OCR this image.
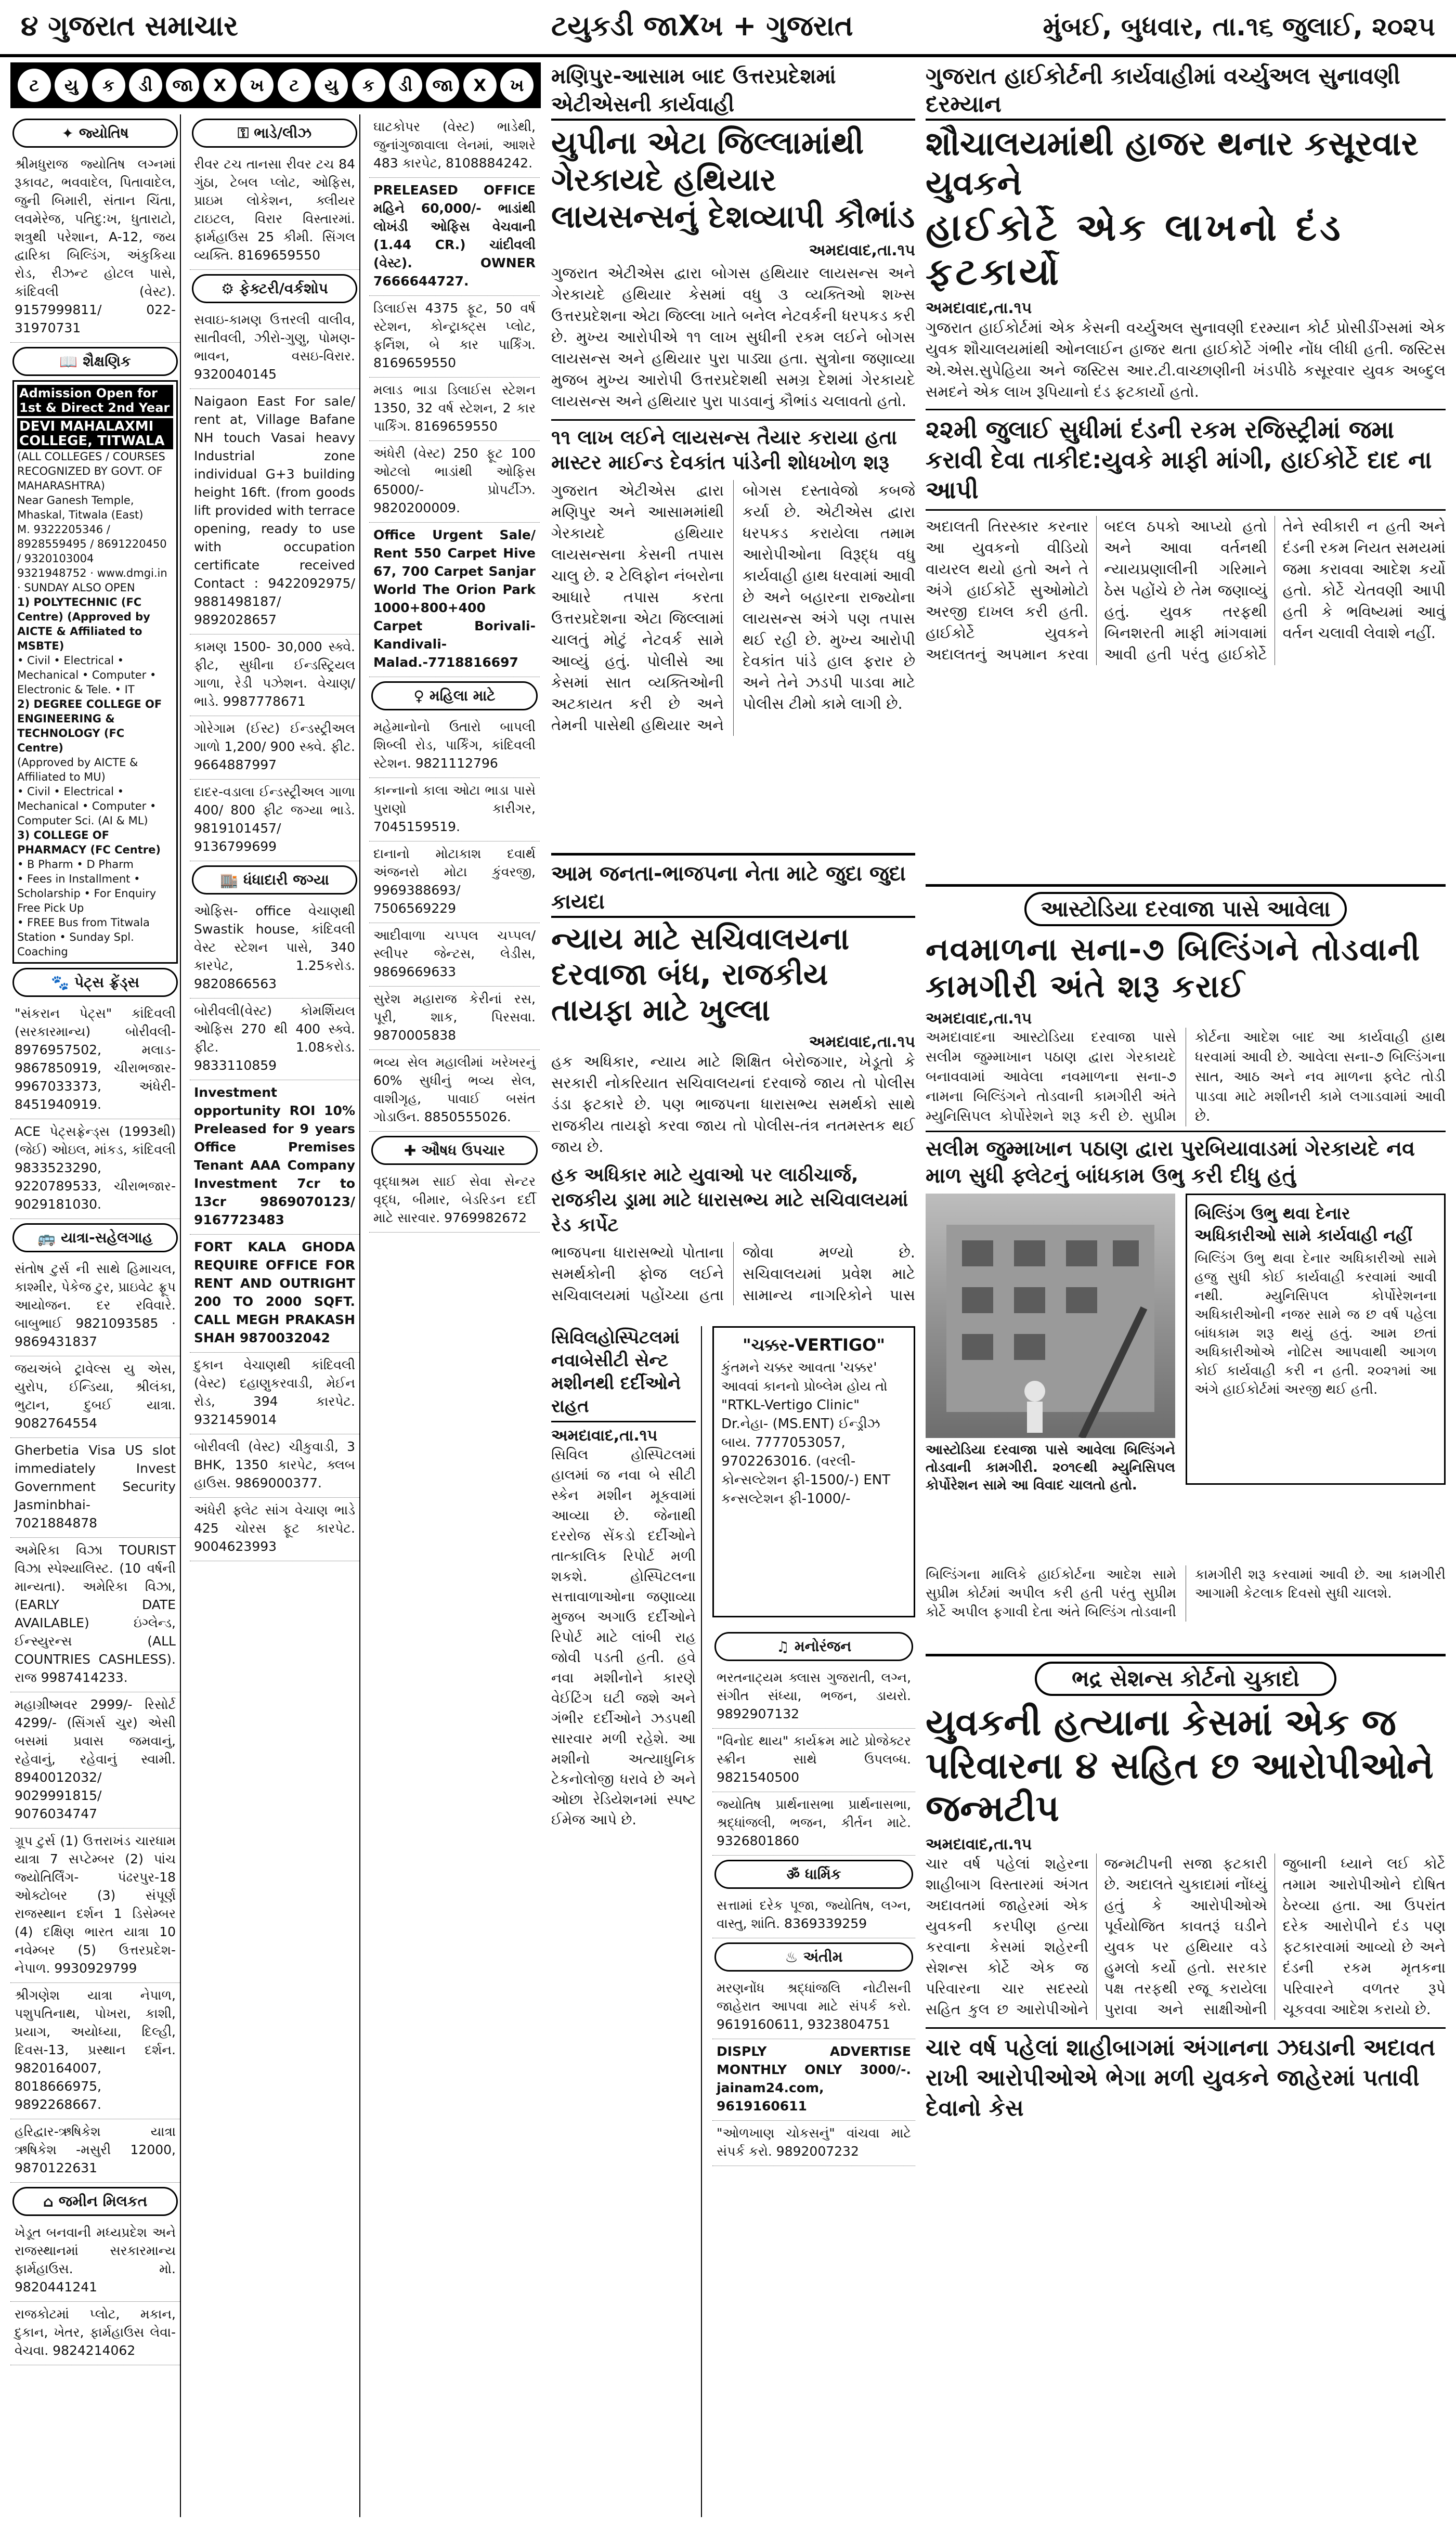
૪ ગુજરાત સમાચાર	ટયુકડી જાXખ + ગુજરાત	મુંબઈ, બુધવાર, તા.૧૬ જુલાઈ, ૨૦૨૫
ટ	યુ	ક	ડી	જા	X	ખ	ટ	યુ	ક	ડી	જા	X	ખ
✦ જ્યોતિષ
શ્રીમધુરાજ જ્યોતિષ લગ્નમાં રૂકાવટ, ભવવાદેલ, પિતાવાદેલ, જુની બિમારી, સંતાન ચિંતા, લવમેરેજ, પતિદુ:ખ, ધુતારાટો, શત્રુથી પરેશાન, A-12, જય દ્વારિકા બિલ્ડિંગ, અંકુકિયા રોડ, રીઝન્ટ હોટલ પાસે, કાંદિવલી (વેસ્ટ). 9157999811/ 022-31970731
📖 શૈક્ષણિક
Admission Open for 1st & Direct 2nd Year
DEVI MAHALAXMI COLLEGE, TITWALA
(ALL COLLEGES / COURSES RECOGNIZED BY GOVT. OF MAHARASHTRA)
Near Ganesh Temple, Mhaskal, Titwala (East)
M. 9322205346 / 8928559495 / 8691220450 / 9320103004
9321948752 · www.dmgi.in · SUNDAY ALSO OPEN
1) POLYTECHNIC (FC Centre) (Approved by AICTE & Affiliated to MSBTE)
• Civil • Electrical • Mechanical • Computer • Electronic & Tele. • IT
2) DEGREE COLLEGE OF ENGINEERING & TECHNOLOGY (FC Centre)
(Approved by AICTE & Affiliated to MU)
• Civil • Electrical • Mechanical • Computer • Computer Sci. (AI & ML)
3) COLLEGE OF PHARMACY (FC Centre)
• B Pharm • D Pharm
• Fees in Installment • Scholarship • For Enquiry Free Pick Up
• FREE Bus from Titwala Station • Sunday Spl. Coaching
🐾 પેટ્સ ફ્રેંડ્સ
"સંકરાન પેટ્સ" કાંદિવલી (સરકારમાન્ય) બોરીવલી- 8976957502, મલાડ- 9867850919, ચીરાભજાર- 9967033373, અંધેરી- 8451940919.
ACE પેટ્સફ્રેન્ડ્સ (1993થી) (જેઈ) ઓઇલ, માંકડ, કાંદિવલી 9833523290, 9220789533, ચીરાભજાર- 9029181030.
🚌 યાત્રા-સહેલગાહ
સંતોષ ટુર્સ ની સાથે હિમાચલ, કાશ્મીર, પેકેજ ટુર, પ્રાઇવેટ ફ્રૂપ આયોજન. દર રવિવારે. બાબુભાઈ 9821093585 · 9869431837
જયઅંબે ટ્રાવેલ્સ યુ એસ, યુરોપ, ઈન્ડિયા, શ્રીલંકા, ભુટાન, દુબઈ યાત્રા. 9082764554
Gherbetia Visa US slot immediately Invest Government Security Jasminbhai- 7021884878
અમેરિકા વિઝા TOURIST વિઝા સ્પેશ્યાલિસ્ટ. (10 વર્ષની માન્યતા). અમેરિકા વિઝા, (EARLY DATE AVAILABLE) ઇંગ્લેન્ડ, ઈન્સ્યુરન્સ (ALL COUNTRIES CASHLESS). રાજ 9987414233.
મહાગ્રીષ્મવર 2999/- રિસોર્ટ 4299/- (સિંગર્સ ચુર) એસી બસમાં પ્રવાસ જમવાનું, રહેવાનું, રહેવાનું સ્વામી. 8940012032/ 9029991815/ 9076034747
ગ્રૂપ ટુર્સ (1) ઉત્તરાખંડ ચારધામ યાત્રા 7 સપ્ટેમ્બર (2) પાંચ જ્યોતિર્લિંગ- પંઢરપુર-18 ઓક્ટોબર (3) સંપૂર્ણ રાજસ્થાન દર્શન 1 ડિસેમ્બર (4) દક્ષિણ ભારત યાત્રા 10 નવેમ્બર (5) ઉત્તરપ્રદેશ- નેપાળ. 9930929799
શ્રીગણેશ યાત્રા નેપાળ, પશુપતિનાથ, પોખરા, કાશી, પ્રયાગ, અયોધ્યા, દિલ્હી, દિવસ-13, પ્રસ્થાન દર્શન. 9820164007, 8018666975, 9892268667.
હરિદ્વાર-ઋષિકેશ યાત્રા ઋષિકેશ -મસુરી 12000, 9870122631
⌂ જમીન મિલકત
ખેડૂત બનવાની મધ્યપ્રદેશ અને રાજસ્થાનમાં સરકારમાન્ય ફાર્મહાઉસ. મો. 9820441241
રાજકોટમાં પ્લોટ, મકાન, દુકાન, ખેતર, ફાર્મહાઉસ લેવા-વેચવા. 9824214062
⚿ ભાડે/લીઝ
રીવર ટચ તાનસા રીવર ટચ 84 ગુંઠા, ટેબલ પ્લોટ, ઓફિસ, પ્રાઇમ લોકેશન, ક્લીયર ટાઇટલ, વિરાર વિસ્તારમાં. ફાર્મહાઉસ 25 કીમી. સિંગલ વ્યક્તિ. 8169659550
⚙ ફેક્ટરી/વર્કશોપ
સવાઇ-કામણ ઉત્તરલી વાલીવ, સાતીવલી, ઝીરો-ગુણુ, પોમણ-ભાવન, વસઇ-વિરાર. 9320040145
Naigaon East For sale/ rent at, Village Bafane NH touch Vasai heavy Industrial zone individual G+3 building height 16ft. (from goods lift provided with terrace opening, ready to use with occupation certificate received Contact : 9422092975/ 9881498187/ 9892028657
કામણ 1500- 30,000 સ્ક્વે. ફીટ, સુધીના ઈન્ડસ્ટ્રિયલ ગાળા, રેડી પઝેશન. વેચાણ/ભાડે. 9987778671
ગોરેગામ (ઈસ્ટ) ઈન્ડસ્ટ્રીઅલ ગાળો 1,200/ 900 સ્ક્વે. ફીટ. 9664887997
દાદર-વડાલા ઈન્ડસ્ટ્રીઅલ ગાળા 400/ 800 ફીટ જગ્યા ભાડે. 9819101457/ 9136799699
🏬 ધંધાદારી જગ્યા
ઓફિસ- office વેચાણથી Swastik house, કાંદિવલી વેસ્ટ સ્ટેશન પાસે, 340 કારપેટ, 1.25કરોડ. 9820866563
બોરીવલી(વેસ્ટ) કોમર્શિયલ ઓફિસ 270 થી 400 સ્ક્વે. ફીટ. 1.08કરોડ. 9833110859
Investment opportunity ROI 10% Preleased for 9 years Office Premises Tenant AAA Company Investment 7cr to 13cr 9869070123/ 9167723483
FORT KALA GHODA REQUIRE OFFICE FOR RENT AND OUTRIGHT 200 TO 2000 SQFT. CALL MEGH PRAKASH SHAH 9870032042
દુકાન વેચાણથી કાંદિવલી (વેસ્ટ) દહાણુકરવાડી, મેઈન રોડ, 394 કારપેટ. 9321459014
બોરીવલી (વેસ્ટ) ચીકુવાડી, 3 BHK, 1350 કારપેટ, ક્લબ હાઉસ. 9869000377.
અંધેરી ફ્લેટ સાંગ વેચાણ ભાડે 425 ચોરસ ફૂટ કારપેટ. 9004623993
ઘાટકોપર (વેસ્ટ) ભાડેથી, જુનાંગુજાવાલા લેનમાં, આશરે 483 કારપેટ, 8108884242.
PRELEASED OFFICE મહિને 60,000/- ભાડાંથી લોખંડી ઓફિસ વેચવાની (1.44 CR.) ચાંદીવલી (વેસ્ટ). OWNER 7666644727.
ડિલાઈસ 4375 ફૂટ, 50 વર્ષ સ્ટેશન, કોન્ટ્રાક્ટ્સ પ્લોટ, ફર્નિશ, બે કાર પાર્કિંગ. 8169659550
મલાડ ભાડા ડિલાઈસ સ્ટેશન 1350, 32 વર્ષ સ્ટેશન, 2 કાર પાર્કિંગ. 8169659550
અંધેરી (વેસ્ટ) 250 ફૂટ 100 ઓટલો ભાડાંથી ઓફિસ 65000/- પ્રોપર્ટીઝ. 9820200009.
Office Urgent Sale/ Rent 550 Carpet Hive 67, 700 Carpet Sanjar World The Orion Park 1000+800+400 Carpet Borivali- Kandivali- Malad.-7718816697
♀ મહિલા માટે
મહેમાનોનો ઉતારો બાપલી શિબ્લી રોડ, પાર્કિંગ, કાંદિવલી સ્ટેશન. 9821112796
કાન્નાનો કાલા ઓટા ભાડા પાસે પુરાણો કારીગર, 7045159519.
દાનાનો મોટાકાશ દવાર્થ અંજનરો મોટા કુંવરજી, 9969388693/ 7506569229
આદીવાળા ચપ્પલ ચપ્પલ/ સ્લીપર જેન્ટસ, લેડીસ, 9869669633
સુરેશ મહારાજ કેરીનાં રસ, પૂરી, શાક, પિરસવા. 9870005838
ભવ્ય સેલ મહાલીમાં ખરેખરનું 60% સુધીનું ભવ્ય સેલ, વાશીગૃહ, પાવાઈ બસંત ગોડાઉન. 8850555026.
✚ ઔષધ ઉપચાર
વૃદ્ધાશ્રમ સાઈ સેવા સેન્ટર વૃદ્ધ, બીમાર, બેડરિડન દર્દી માટે સારવાર. 9769982672
મણિપુર-આસામ બાદ ઉત્તરપ્રદેશમાં એટીએસની કાર્યવાહી
યુપીના એટા જિલ્લામાંથી ગેરકાયદે હથિયાર લાયસન્સનું દેશવ્યાપી કૌભાંડ
અમદાવાદ,તા.૧૫
ગુજરાત એટીએસ દ્વારા બોગસ હથિયાર લાયસન્સ અને ગેરકાયદે હથિયાર કેસમાં વધુ ૩ વ્યક્તિઓ શખ્સ ઉત્તરપ્રદેશના એટા જિલ્લા ખાતે બનેલ નેટવર્કની ધરપકડ કરી છે. મુખ્ય આરોપીએ ૧૧ લાખ સુધીની રકમ લઈને બોગસ લાયસન્સ અને હથિયાર પુરા પાડ્યા હતા. સુત્રોના જણાવ્યા મુજબ મુખ્ય આરોપી ઉત્તરપ્રદેશથી સમગ્ર દેશમાં ગેરકાયદે લાયસન્સ અને હથિયાર પુરા પાડવાનું કૌભાંડ ચલાવતો હતો.
૧૧ લાખ લઈને લાયસન્સ તૈયાર કરાયા હતા માસ્ટર માઈન્ડ દેવકાંત પાંડેની શોધખોળ શરૂ
ગુજરાત એટીએસ દ્વારા મણિપુર અને આસામમાંથી ગેરકાયદે હથિયાર લાયસન્સના કેસની તપાસ ચાલુ છે. ૨ ટેલિફોન નંબરોના આધારે તપાસ કરતા ઉત્તરપ્રદેશના એટા જિલ્લામાં ચાલતું મોટું નેટવર્ક સામે આવ્યું હતું. પોલીસે આ કેસમાં સાત વ્યક્તિઓની અટકાયત કરી છે અને તેમની પાસેથી હથિયાર અને બોગસ દસ્તાવેજો કબજે કર્યા છે. એટીએસ દ્વારા ધરપકડ કરાયેલા તમામ આરોપીઓના વિરૂદ્ધ વધુ કાર્યવાહી હાથ ધરવામાં આવી છે અને બહારના રાજ્યોના લાયસન્સ અંગે પણ તપાસ થઈ રહી છે. મુખ્ય આરોપી દેવકાંત પાંડે હાલ ફરાર છે અને તેને ઝડપી પાડવા માટે પોલીસ ટીમો કામે લાગી છે.
આમ જનતા-ભાજપના નેતા માટે જુદા જુદા કાયદા
ન્યાય માટે સચિવાલયના દરવાજા બંધ, રાજકીય તાયફા માટે ખુલ્લા
અમદાવાદ,તા.૧૫
હક અધિકાર, ન્યાય માટે શિક્ષિત બેરોજગાર, ખેડૂતો કે સરકારી નોકરિયાત સચિવાલયનાં દરવાજે જાય તો પોલીસ ડંડા ફટકારે છે. પણ ભાજપના ધારાસભ્ય સમર્થકો સાથે રાજકીય તાયફો કરવા જાય તો પોલીસ-તંત્ર નતમસ્તક થઈ જાય છે.
હક અધિકાર માટે યુવાઓ પર લાઠીચાર્જ, રાજકીય ડ્રામા માટે ધારાસભ્ય માટે સચિવાલયમાં રેડ કાર્પેટ
ભાજપના ધારાસભ્યો પોતાના સમર્થકોની ફોજ લઈને સચિવાલયમાં પહોંચ્યા હતા જોવા મળ્યો છે. સચિવાલયમાં પ્રવેશ માટે સામાન્ય નાગરિકોને પાસ
"ચક્કર-VERTIGO"
કુંતમને ચક્કર આવતા 'ચક્કર' આવવાં કાનનો પ્રોબ્લેમ હોય તો "RTKL-Vertigo Clinic" Dr.નેહા- (MS.ENT) ઈન્ડ્રીઝ બાય. 7777053057, 9702263016. (વરલી-કોન્સલ્ટેશન ફી-1500/-) ENT કન્સલ્ટેશન ફી-1000/-
♫ મનોરંજન
ભરતનાટ્યમ ક્લાસ ગુજરાતી, લગ્ન, સંગીત સંધ્યા, ભજન, ડાયરો. 9892907132
"વિનોદ થાય" કાર્યક્રમ માટે પ્રોજેક્ટર સ્ક્રીન સાથે ઉપલબ્ધ. 9821540500
જ્યોતિષ પ્રાર્થનાસભા પ્રાર્થનાસભા, શ્રદ્ધાંજલી, ભજન, કીર્તન માટે. 9326801860
ॐ ધાર્મિક
સત્તામાં દરેક પૂજા, જ્યોતિષ, લગ્ન, વાસ્તુ, શાંતિ. 8369339259
♨ અંતીમ
મરણનોંધ શ્રદ્ધાંજલિ નોટીસની જાહેરાત આપવા માટે સંપર્ક કરો. 9619160611, 9323804751
DISPLY ADVERTISE MONTHLY ONLY 3000/-. jainam24.com, 9619160611
"ઓળખાણ ચોકસનું" વાંચવા માટે સંપર્ક કરો. 9892007232
સિવિલહોસ્પિટલમાં નવાબેસીટી સેન્ટ મશીનથી દર્દીઓને રાહત
અમદાવાદ,તા.૧૫
સિવિલ હોસ્પિટલમાં હાલમાં જ નવા બે સીટી સ્કેન મશીન મૂકવામાં આવ્યા છે. જેનાથી દરરોજ સેંકડો દર્દીઓને તાત્કાલિક રિપોર્ટ મળી શકશે. હોસ્પિટલના સત્તાવાળાઓના જણાવ્યા મુજબ અગાઉ દર્દીઓને રિપોર્ટ માટે લાંબી રાહ જોવી પડતી હતી. હવે નવા મશીનોને કારણે વેઈટિંગ ઘટી જશે અને ગંભીર દર્દીઓને ઝડપથી સારવાર મળી રહેશે. આ મશીનો અત્યાધુનિક ટેકનોલોજી ધરાવે છે અને ઓછા રેડિયેશનમાં સ્પષ્ટ ઈમેજ આપે છે.
ગુજરાત હાઈકોર્ટની કાર્યવાહીમાં વર્ચ્યુઅલ સુનાવણી દરમ્યાન
શૌચાલયમાંથી હાજર થનાર કસૂરવાર યુવકને
હાઈકોર્ટે એક લાખનો દંડ ફટકાર્યો
અમદાવાદ,તા.૧૫
ગુજરાત હાઈકોર્ટમાં એક કેસની વર્ચ્યુઅલ સુનાવણી દરમ્યાન કોર્ટ પ્રોસીડીંગ્સમાં એક યુવક શૌચાલયમાંથી ઓનલાઈન હાજર થતા હાઈકોર્ટે ગંભીર નોંધ લીધી હતી. જસ્ટિસ એ.એસ.સુપેહિયા અને જસ્ટિસ આર.ટી.વાચ્છાણીની ખંડપીઠે કસૂરવાર યુવક અબ્દુલ સમદને એક લાખ રૂપિયાનો દંડ ફટકાર્યો હતો.
૨૨મી જુલાઈ સુધીમાં દંડની રકમ રજિસ્ટ્રીમાં જમા કરાવી દેવા તાકીદ:યુવકે માફી માંગી, હાઈકોર્ટે દાદ ના આપી
અદાલતી તિરસ્કાર કરનાર આ યુવકનો વીડિયો વાયરલ થયો હતો અને તે અંગે હાઈકોર્ટે સુઓમોટો અરજી દાખલ કરી હતી. હાઈકોર્ટે યુવકને અદાલતનું અપમાન કરવા બદલ ઠપકો આપ્યો હતો અને આવા વર્તનથી ન્યાયપ્રણાલીની ગરિમાને ઠેસ પહોંચે છે તેમ જણાવ્યું હતું. યુવક તરફથી બિનશરતી માફી માંગવામાં આવી હતી પરંતુ હાઈકોર્ટે તેને સ્વીકારી ન હતી અને દંડની રકમ નિયત સમયમાં જમા કરાવવા આદેશ કર્યો હતો. કોર્ટે ચેતવણી આપી હતી કે ભવિષ્યમાં આવું વર્તન ચલાવી લેવાશે નહીં.
આસ્ટોડિયા દરવાજા પાસે આવેલા
નવમાળના સના-૭ બિલ્ડિંગને તોડવાની કામગીરી અંતે શરૂ કરાઈ
અમદાવાદ,તા.૧૫
અમદાવાદના આસ્ટોડિયા દરવાજા પાસે સલીમ જુમ્માખાન પઠાણ દ્વારા ગેરકાયદે બનાવવામાં આવેલા નવમાળના સના-૭ નામના બિલ્ડિંગને તોડવાની કામગીરી અંતે મ્યુનિસિપલ કોર્પોરેશને શરૂ કરી છે. સુપ્રીમ કોર્ટના આદેશ બાદ આ કાર્યવાહી હાથ ધરવામાં આવી છે. આવેલા સના-૭ બિલ્ડિંગના સાત, આઠ અને નવ માળના ફ્લેટ તોડી પાડવા માટે મશીનરી કામે લગાડવામાં આવી છે.
સલીમ જુમ્માખાન પઠાણ દ્વારા પુરબિયાવાડમાં ગેરકાયદે નવ માળ સુધી ફ્લેટનું બાંધકામ ઉભુ કરી દીધુ હતું
આસ્ટોડિયા દરવાજા પાસે આવેલા બિલ્ડિંગને તોડવાની કામગીરી. ૨૦૧૯થી મ્યુનિસિપલ કોર્પોરેશન સામે આ વિવાદ ચાલતો હતો.
બિલ્ડિંગ ઉભુ થવા દેનાર અધિકારીઓ સામે કાર્યવાહી નહીં
બિલ્ડિંગ ઉભુ થવા દેનાર અધિકારીઓ સામે હજુ સુધી કોઈ કાર્યવાહી કરવામાં આવી નથી. મ્યુનિસિપલ કોર્પોરેશનના અધિકારીઓની નજર સામે જ છ વર્ષ પહેલા બાંધકામ શરૂ થયું હતું. આમ છતાં અધિકારીઓએ નોટિસ આપવાથી આગળ કોઈ કાર્યવાહી કરી ન હતી. ૨૦૨૧માં આ અંગે હાઈકોર્ટમાં અરજી થઈ હતી.
બિલ્ડિંગના માલિકે હાઈકોર્ટના આદેશ સામે સુપ્રીમ કોર્ટમાં અપીલ કરી હતી પરંતુ સુપ્રીમ કોર્ટે અપીલ ફગાવી દેતા અંતે બિલ્ડિંગ તોડવાની કામગીરી શરૂ કરવામાં આવી છે. આ કામગીરી આગામી કેટલાક દિવસો સુધી ચાલશે.
ભદ્ર સેશન્સ કોર્ટનો ચુકાદો
યુવકની હત્યાના કેસમાં એક જ પરિવારના ૪ સહિત છ આરોપીઓને જન્મટીપ
અમદાવાદ,તા.૧૫
ચાર વર્ષ પહેલાં શહેરના શાહીબાગ વિસ્તારમાં અંગત અદાવતમાં જાહેરમાં એક યુવકની કરપીણ હત્યા કરવાના કેસમાં શહેરની સેશન્સ કોર્ટે એક જ પરિવારના ચાર સદસ્યો સહિત કુલ છ આરોપીઓને જન્મટીપની સજા ફટકારી છે. અદાલતે ચુકાદામાં નોંધ્યું હતું કે આરોપીઓએ પૂર્વયોજિત કાવતરૂં ઘડીને યુવક પર હથિયાર વડે હુમલો કર્યો હતો. સરકાર પક્ષ તરફથી રજૂ કરાયેલા પુરાવા અને સાક્ષીઓની જુબાની ધ્યાને લઈ કોર્ટે તમામ આરોપીઓને દોષિત ઠેરવ્યા હતા. આ ઉપરાંત દરેક આરોપીને દંડ પણ ફટકારવામાં આવ્યો છે અને દંડની રકમ મૃતકના પરિવારને વળતર રૂપે ચૂકવવા આદેશ કરાયો છે.
ચાર વર્ષ પહેલાં શાહીબાગમાં અંગાનના ઝઘડાની અદાવત રાખી આરોપીઓએ ભેગા મળી યુવકને જાહેરમાં પતાવી દેવાનો કેસ
